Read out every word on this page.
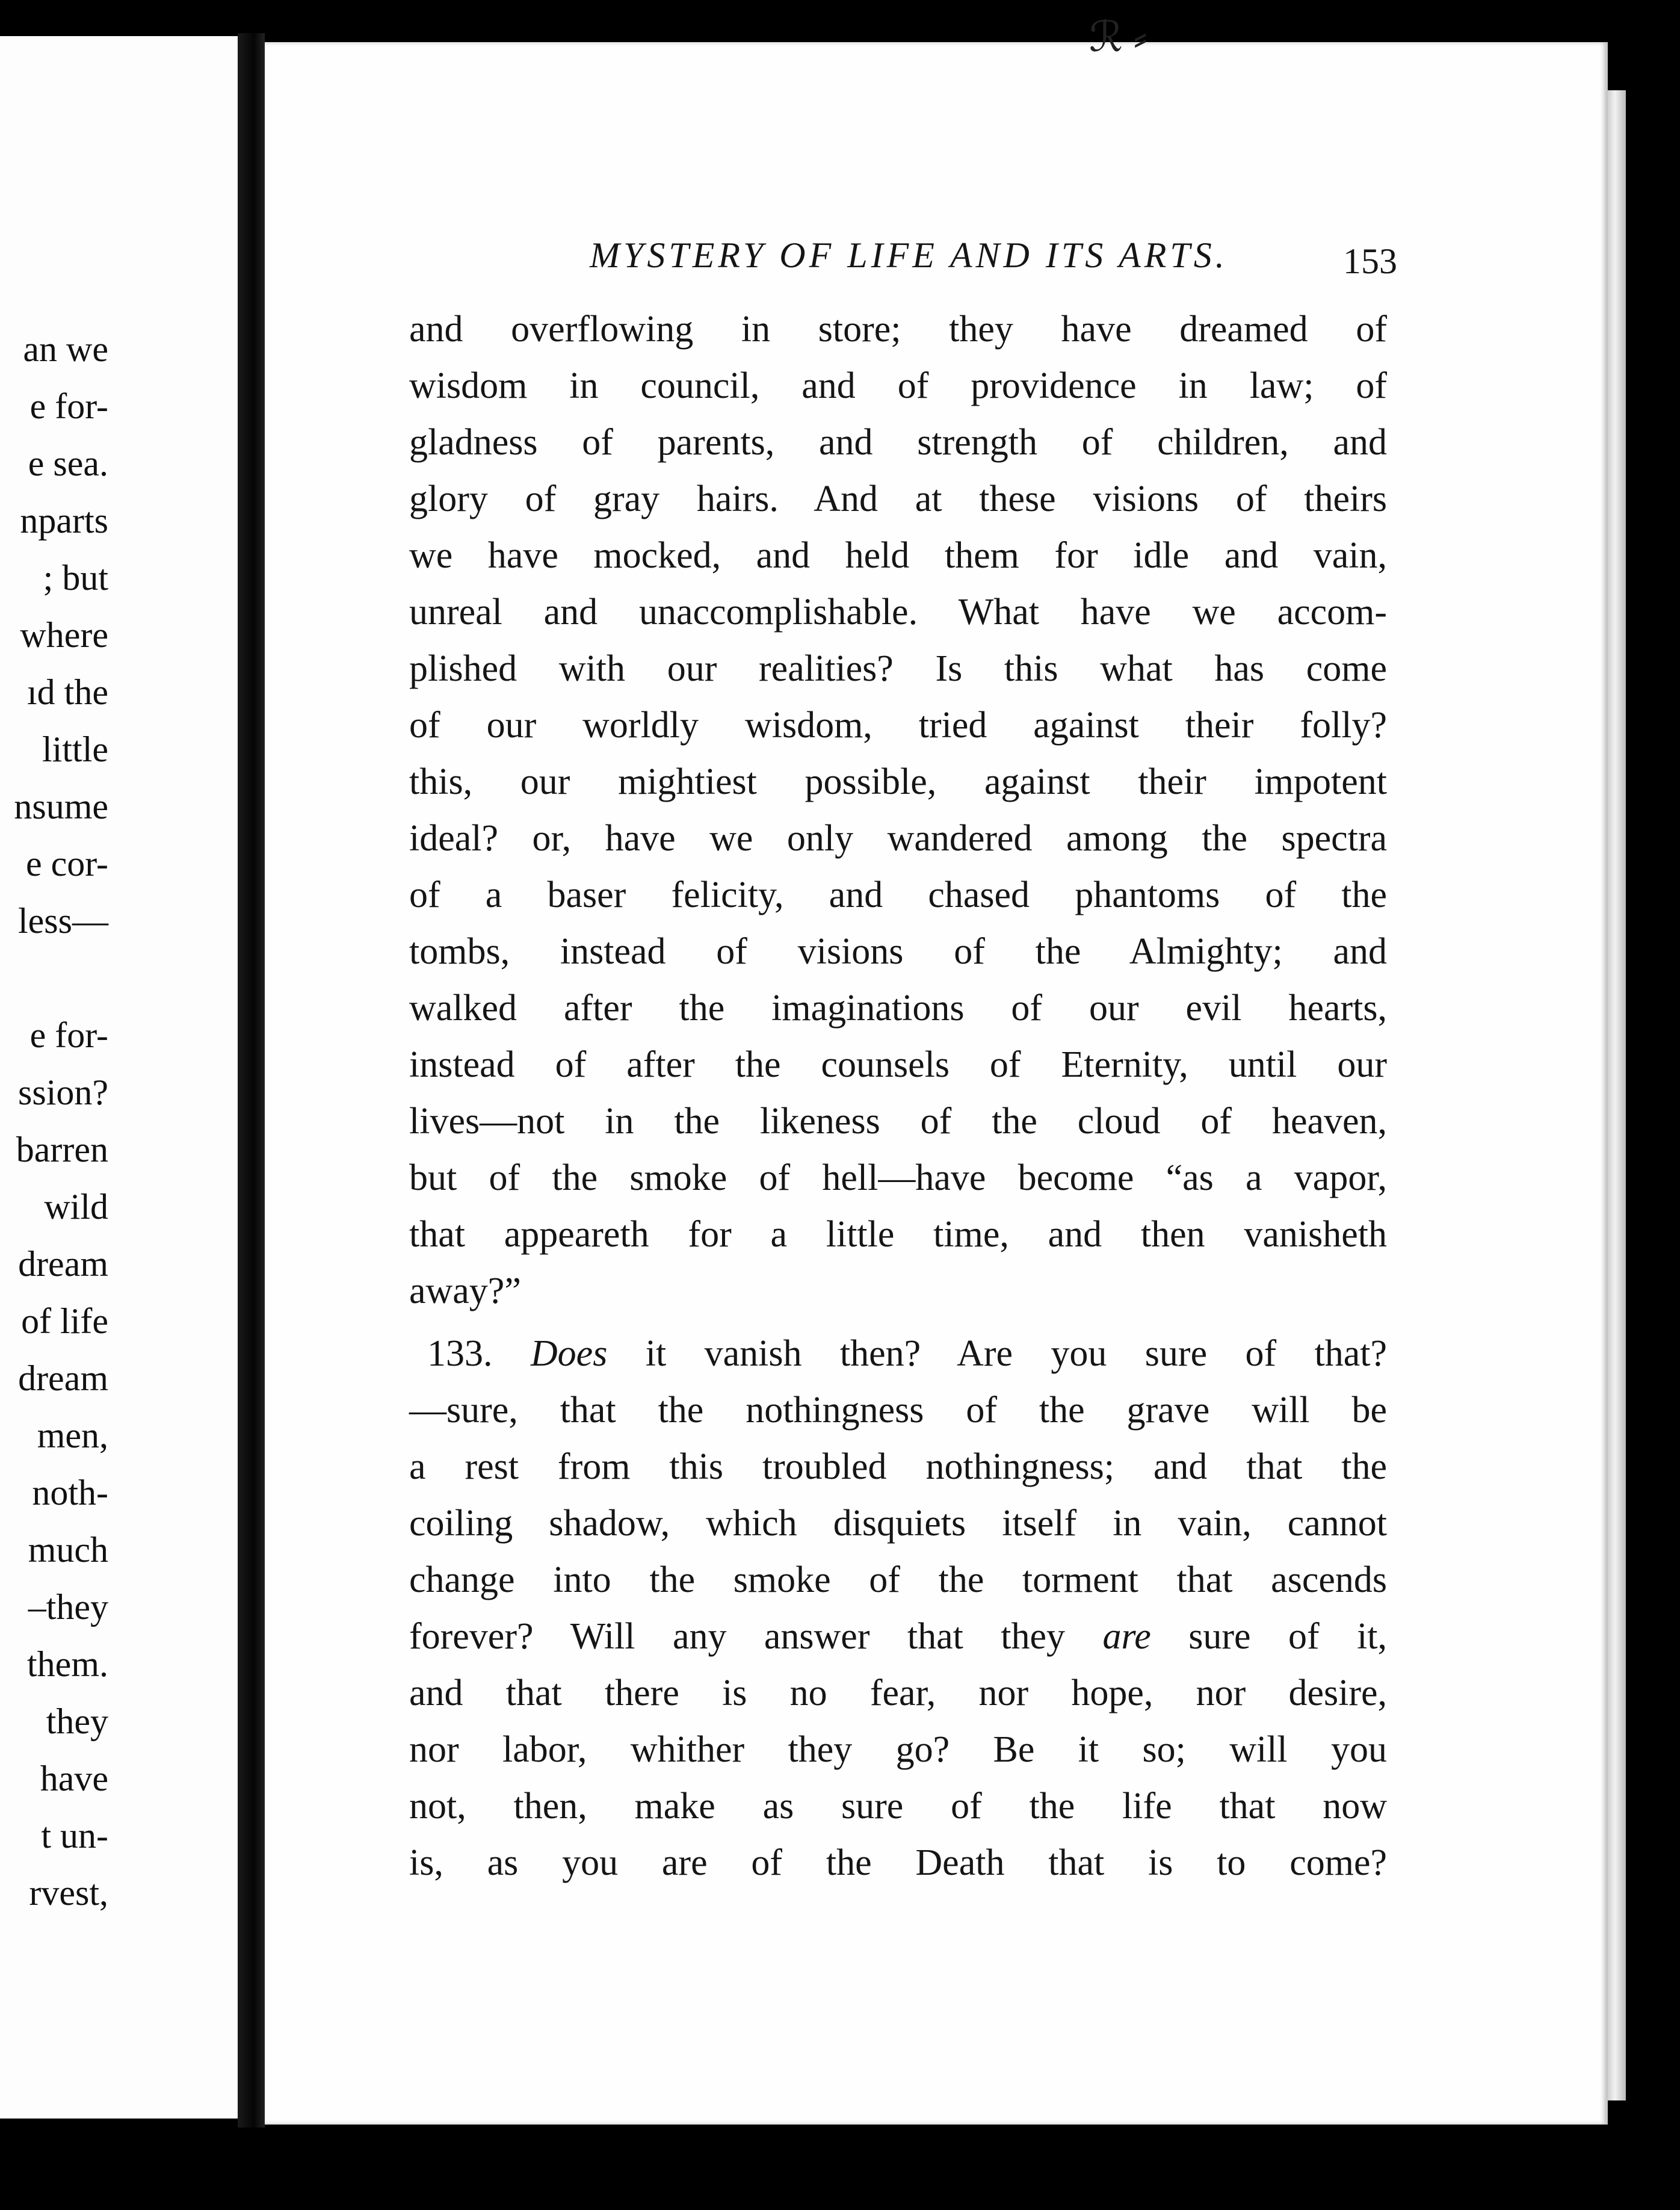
an we
e for-
e sea.
nparts
; but
where
ıd the
little
nsume
e cor-
less—
e for-
ssion?
barren
wild
dream
of life
dream
men,
noth-
much
–they
them.
they
have
t un-
rvest,
ℛ ⸗
MYSTERY OF LIFE AND ITS ARTS.	153

and overflowing in store; they have dreamed of
wisdom in council, and of providence in law; of
gladness of parents, and strength of children, and
glory of gray hairs. And at these visions of theirs
we have mocked, and held them for idle and vain,
unreal and unaccomplishable. What have we accom-
plished with our realities? Is this what has come
of our worldly wisdom, tried against their folly?
this, our mightiest possible, against their impotent
ideal? or, have we only wandered among the spectra
of a baser felicity, and chased phantoms of the
tombs, instead of visions of the Almighty; and
walked after the imaginations of our evil hearts,
instead of after the counsels of Eternity, until our
lives—not in the likeness of the cloud of heaven,
but of the smoke of hell—have become “as a vapor,
that appeareth for a little time, and then vanisheth
away?”

133. Does it vanish then? Are you sure of that?
—sure, that the nothingness of the grave will be
a rest from this troubled nothingness; and that the
coiling shadow, which disquiets itself in vain, cannot
change into the smoke of the torment that ascends
forever? Will any answer that they are sure of it,
and that there is no fear, nor hope, nor desire,
nor labor, whither they go? Be it so; will you
not, then, make as sure of the life that now
is, as you are of the Death that is to come?
